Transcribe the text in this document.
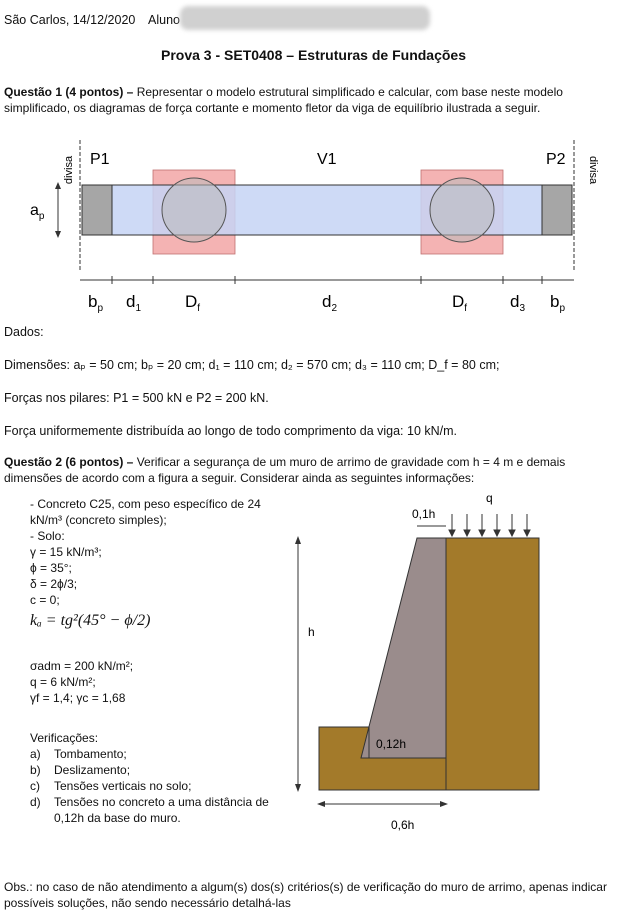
São Carlos, 14/12/2020 Aluno
Prova 3 - SET0408 – Estruturas de Fundações
Questão 1 (4 pontos) – Representar o modelo estrutural simplificado e calcular, com base neste modelo simplificado, os diagramas de força cortante e momento fletor da viga de equilíbrio ilustrada a seguir.
divisa	divisa
P1	V1	P2
$a_p$
$b_p$ $d_1$	$D_f$	$d_2$	$D_f$	$d_3$ $b_p$
Dados:
Dimensões: aₚ = 50 cm; bₚ = 20 cm; d₁ = 110 cm; d₂ = 570 cm; d₃ = 110 cm; D_f = 80 cm;
Forças nos pilares: P1 = 500 kN e P2 = 200 kN.
Força uniformemente distribuída ao longo de todo comprimento da viga: 10 kN/m.
Questão 2 (6 pontos) – Verificar a segurança de um muro de arrimo de gravidade com h = 4 m e demais dimensões de acordo com a figura a seguir. Considerar ainda as seguintes informações:
- Concreto C25, com peso específico de 24
kN/m³ (concreto simples);
- Solo:
γ = 15 kN/m³;
ϕ = 35°;
δ = 2ϕ/3;
c = 0;
kₐ = tg²(45° − ϕ/2)
σadm = 200 kN/m²;
q = 6 kN/m²;
γf = 1,4; γc = 1,68
Verificações:
a)	Tombamento;
b)	Deslizamento;
c)	Tensões verticais no solo;
d)	Tensões no concreto a uma distância de
0,12h da base do muro.
q
0,1h
h
0,12h
0,6h
Obs.: no caso de não atendimento a algum(s) dos(s) critérios(s) de verificação do muro de arrimo, apenas indicar possíveis soluções, não sendo necessário detalhá-las
